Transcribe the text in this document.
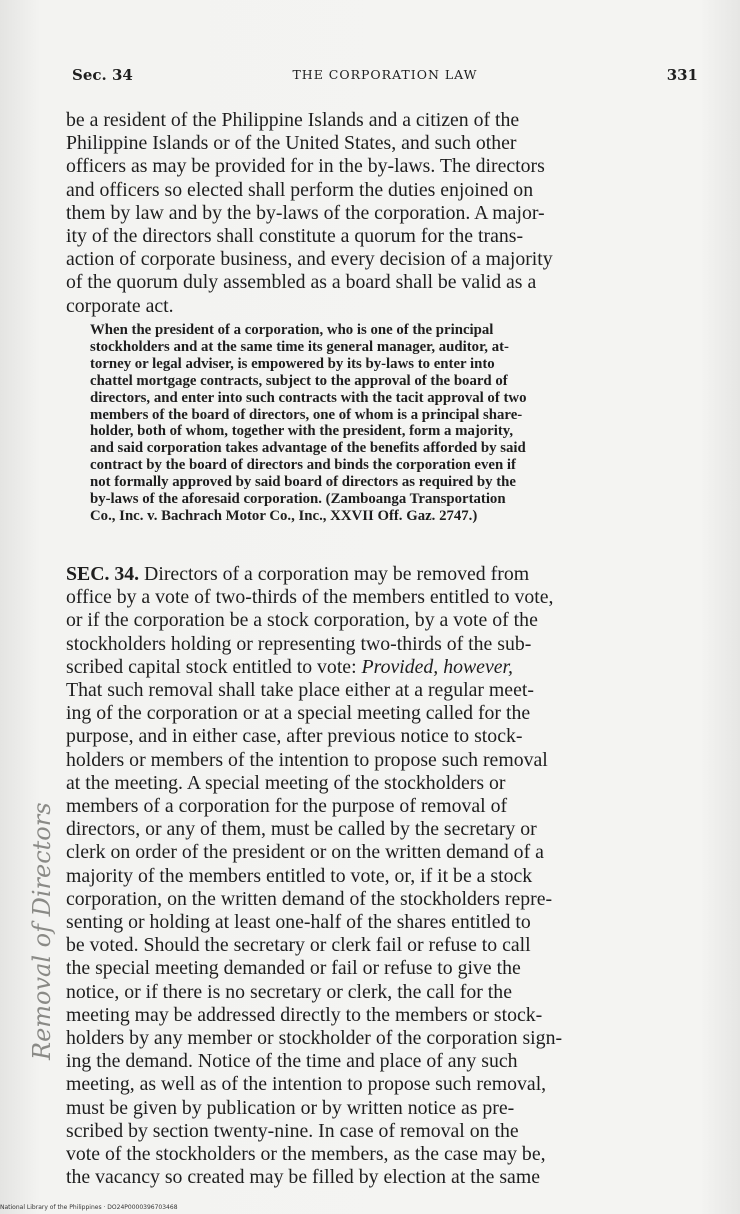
Sec. 34	THE CORPORATION LAW	331
be a resident of the Philippine Islands and a citizen of the
Philippine Islands or of the United States, and such other
officers as may be provided for in the by-laws. The directors
and officers so elected shall perform the duties enjoined on
them by law and by the by-laws of the corporation. A major-
ity of the directors shall constitute a quorum for the trans-
action of corporate business, and every decision of a majority
of the quorum duly assembled as a board shall be valid as a
corporate act.
When the president of a corporation, who is one of the principal
stockholders and at the same time its general manager, auditor, at-
torney or legal adviser, is empowered by its by-laws to enter into
chattel mortgage contracts, subject to the approval of the board of
directors, and enter into such contracts with the tacit approval of two
members of the board of directors, one of whom is a principal share-
holder, both of whom, together with the president, form a majority,
and said corporation takes advantage of the benefits afforded by said
contract by the board of directors and binds the corporation even if
not formally approved by said board of directors as required by the
by-laws of the aforesaid corporation. (Zamboanga Transportation
Co., Inc. v. Bachrach Motor Co., Inc., XXVII Off. Gaz. 2747.)
Removal of Directors
SEC. 34. Directors of a corporation may be removed from
office by a vote of two-thirds of the members entitled to vote,
or if the corporation be a stock corporation, by a vote of the
stockholders holding or representing two-thirds of the sub-
scribed capital stock entitled to vote: Provided, however,
That such removal shall take place either at a regular meet-
ing of the corporation or at a special meeting called for the
purpose, and in either case, after previous notice to stock-
holders or members of the intention to propose such removal
at the meeting. A special meeting of the stockholders or
members of a corporation for the purpose of removal of
directors, or any of them, must be called by the secretary or
clerk on order of the president or on the written demand of a
majority of the members entitled to vote, or, if it be a stock
corporation, on the written demand of the stockholders repre-
senting or holding at least one-half of the shares entitled to
be voted. Should the secretary or clerk fail or refuse to call
the special meeting demanded or fail or refuse to give the
notice, or if there is no secretary or clerk, the call for the
meeting may be addressed directly to the members or stock-
holders by any member or stockholder of the corporation sign-
ing the demand. Notice of the time and place of any such
meeting, as well as of the intention to propose such removal,
must be given by publication or by written notice as pre-
scribed by section twenty-nine. In case of removal on the
vote of the stockholders or the members, as the case may be,
the vacancy so created may be filled by election at the same
National Library of the Philippines · DO24P0000396703468
